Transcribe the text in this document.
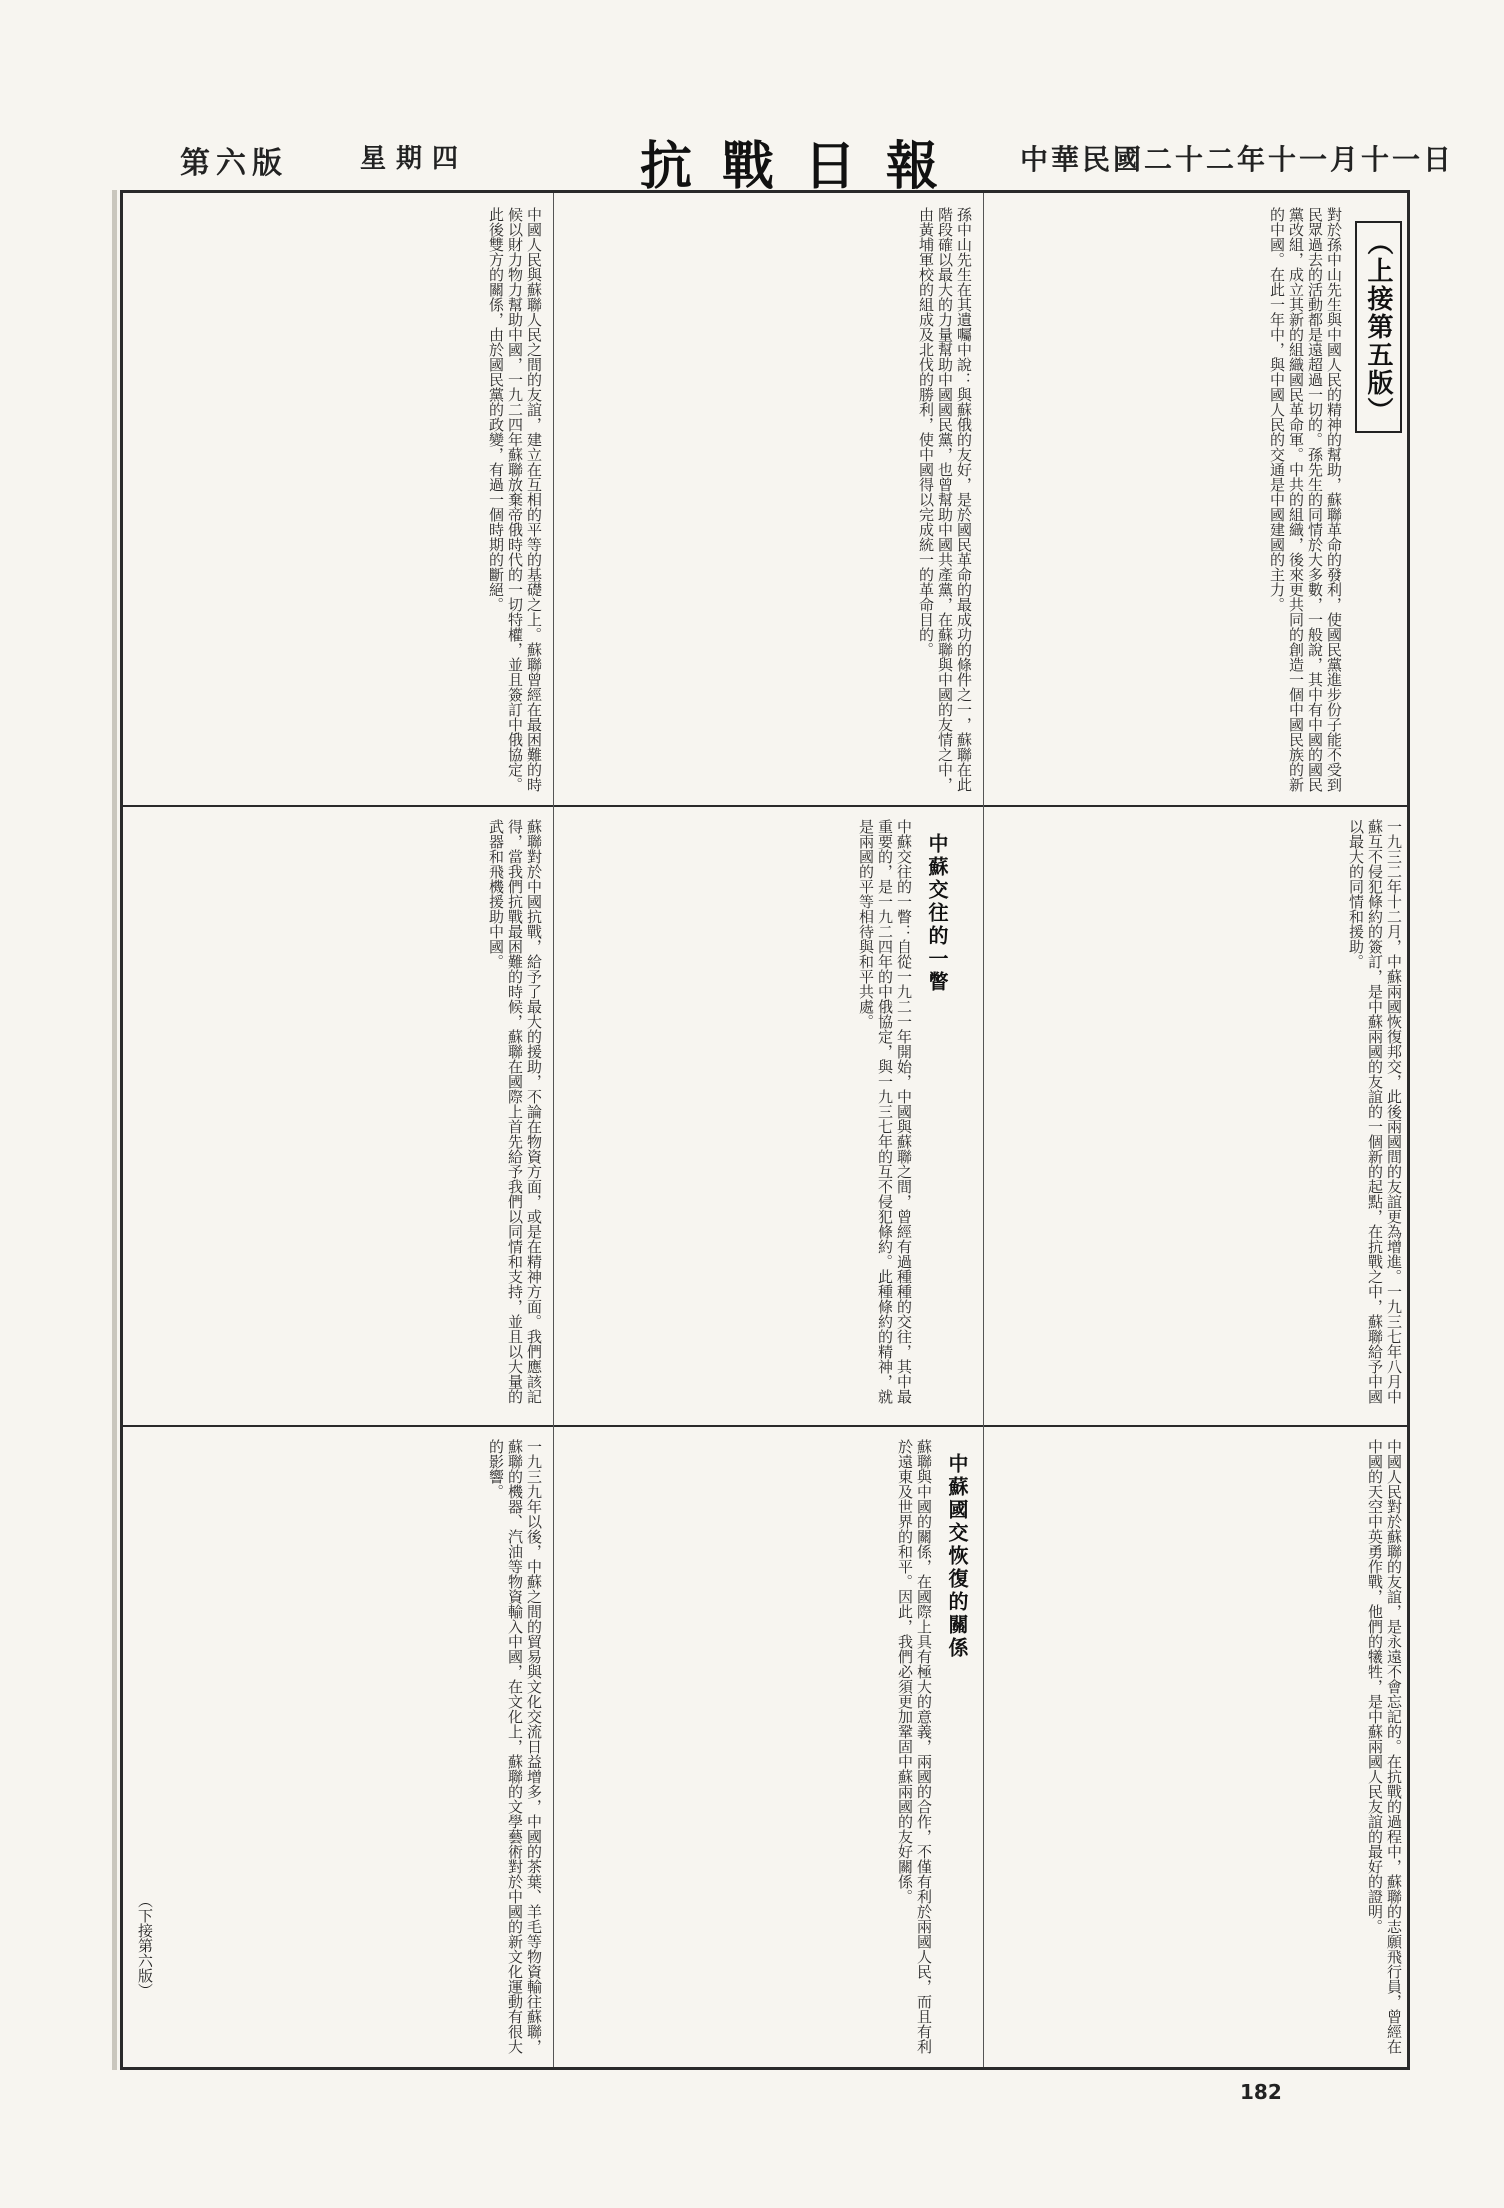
第六版	星期四	抗戰日報 中華民國二十二年十一月十一日
（上接第五版）
對於孫中山先生與中國人民的精神的幫助，蘇聯革命的發利，使國民黨進步份子能不受到民眾過去的活動都是遠超過一切的。孫先生的同情於大多數，一般說，其中有中國的國民黨改組，成立其新的組織國民革命軍。中共的組織，後來更共同的創造一個中國民族的新的中國。在此一年中，與中國人民的交通是中國建國的主力。
孫中山先生在其遺囑中說：與蘇俄的友好，是於國民革命的最成功的條件之一，蘇聯在此階段確以最大的力量幫助中國國民黨，也曾幫助中國共產黨，在蘇聯與中國的友情之中，由黃埔軍校的組成及北伐的勝利，使中國得以完成統一的革命目的。
中國人民與蘇聯人民之間的友誼，建立在互相的平等的基礎之上。蘇聯曾經在最困難的時候以財力物力幫助中國，一九二四年蘇聯放棄帝俄時代的一切特權，並且簽訂中俄協定。此後雙方的關係，由於國民黨的政變，有過一個時期的斷絕。
一九三二年十二月，中蘇兩國恢復邦交，此後兩國間的友誼更為增進。一九三七年八月中蘇互不侵犯條約的簽訂，是中蘇兩國的友誼的一個新的起點，在抗戰之中，蘇聯給予中國以最大的同情和援助。
中蘇交往的一瞥
中蘇交往的一瞥：自從一九二一年開始，中國與蘇聯之間，曾經有過種種的交往，其中最重要的，是一九二四年的中俄協定，與一九三七年的互不侵犯條約。此種條約的精神，就是兩國的平等相待與和平共處。
蘇聯對於中國抗戰，給予了最大的援助，不論在物資方面，或是在精神方面。我們應該記得，當我們抗戰最困難的時候，蘇聯在國際上首先給予我們以同情和支持，並且以大量的武器和飛機援助中國。
中國人民對於蘇聯的友誼，是永遠不會忘記的。在抗戰的過程中，蘇聯的志願飛行員，曾經在中國的天空中英勇作戰，他們的犧牲，是中蘇兩國人民友誼的最好的證明。
中蘇國交恢復的關係
蘇聯與中國的關係，在國際上具有極大的意義，兩國的合作，不僅有利於兩國人民，而且有利於遠東及世界的和平。因此，我們必須更加鞏固中蘇兩國的友好關係。
一九三九年以後，中蘇之間的貿易與文化交流日益增多，中國的茶葉、羊毛等物資輸往蘇聯，蘇聯的機器、汽油等物資輸入中國，在文化上，蘇聯的文學藝術對於中國的新文化運動有很大的影響。
（下接第六版）
182
